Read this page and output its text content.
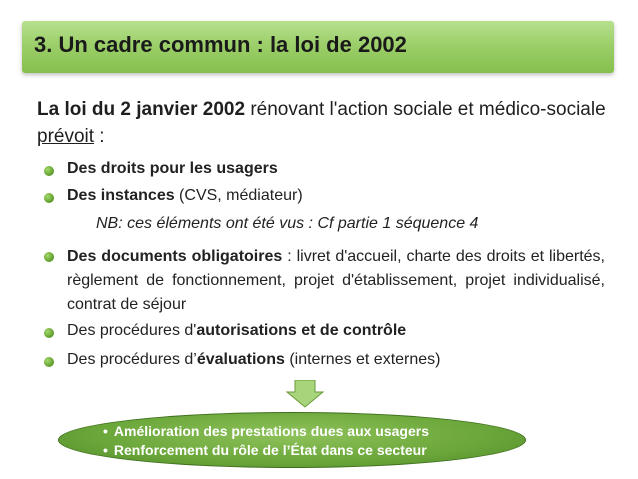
3. Un cadre commun : la loi de 2002
La loi du 2 janvier 2002 rénovant l'action sociale et médico-sociale prévoit :
Des droits pour les usagers
Des instances (CVS, médiateur)
NB: ces éléments ont été vus : Cf partie 1 séquence 4
Des documents obligatoires : livret d'accueil, charte des droits et libertés, règlement de fonctionnement, projet d'établissement, projet individualisé, contrat de séjour
Des procédures d'autorisations et de contrôle
Des procédures d’évaluations (internes et externes)
• Amélioration des prestations dues aux usagers
• Renforcement du rôle de l’État dans ce secteur
